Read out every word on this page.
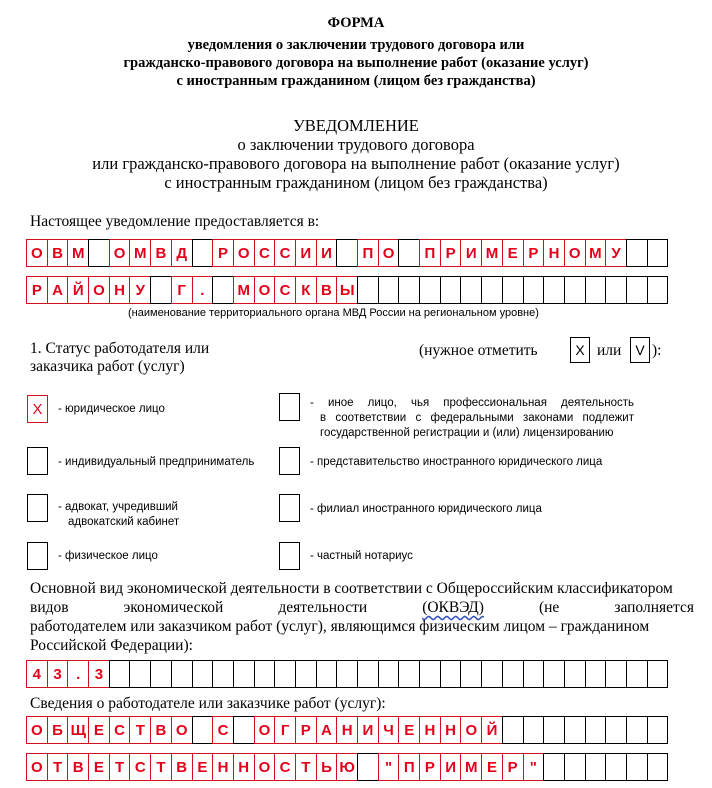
ФОРМА
уведомления о заключении трудового договора или
гражданско-правового договора на выполнение работ (оказание услуг)
с иностранным гражданином (лицом без гражданства)
УВЕДОМЛЕНИЕ
о заключении трудового договора
или гражданско-правового договора на выполнение работ (оказание услуг)
с иностранным гражданином (лицом без гражданства)
Настоящее уведомление предоставляется в:
О В М	О М В Д	Р О С С И И	П О	П Р И М Е Р Н О М У
Р А Й О Н У	Г .	М О С К В Ы
(наименование территориального органа МВД России на региональном уровне)
1. Статус работодателя или
заказчика работ (услуг)
(нужное отметить	X или	V ):
X	- юридическое лицо
- индивидуальный предприниматель
- адвокат, учредивший
адвокатский кабинет
- физическое лицо
- иное лицо, чья профессиональная деятельность
в соответствии с федеральными законами подлежит
государственной регистрации и (или) лицензированию
- представительство иностранного юридического лица
- филиал иностранного юридического лица
- частный нотариус
Основной вид экономической деятельности в соответствии с Общероссийским классификатором
видов	экономической	деятельности	(ОКВЭД)	(не	заполняется
работодателем или заказчиком работ (услуг), являющимся физическим лицом – гражданином
Российской Федерации):
4 3 . 3
Сведения о работодателе или заказчике работ (услуг):
О Б Щ Е С Т В О	С	О Г Р А Н И Ч Е Н Н О Й
О Т В Е Т С Т В Е Н Н О С Т Ь Ю	" П Р И М Е Р "
